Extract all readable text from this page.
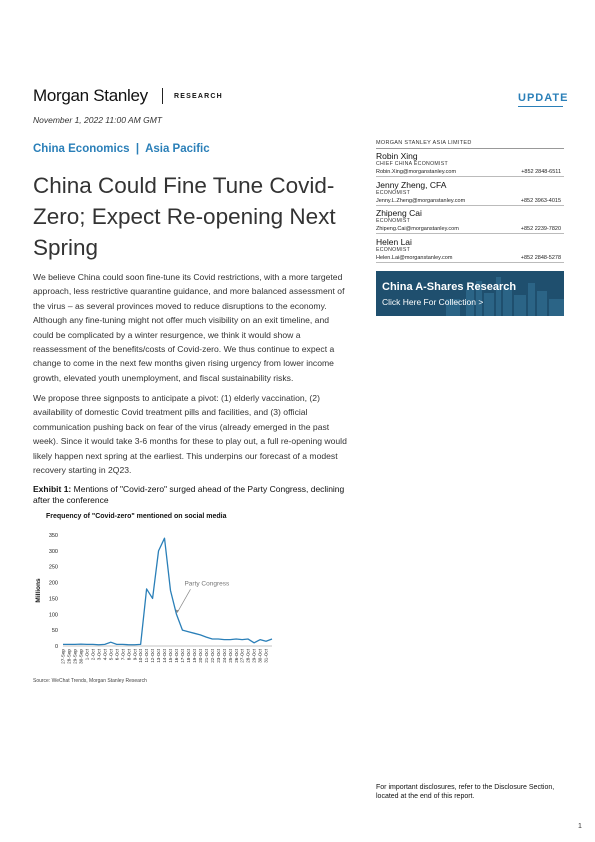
Morgan Stanley	RESEARCH	UPDATE
November 1, 2022 11:00 AM GMT
China Economics  |  Asia Pacific
China Could Fine Tune Covid-Zero; Expect Re-opening Next Spring

We believe China could soon fine-tune its Covid restrictions, with a more targeted approach, less restrictive quarantine guidance, and more balanced assessment of the virus – as several provinces moved to reduce disruptions to the economy. Although any fine-tuning might not offer much visibility on an exit timeline, and could be complicated by a winter resurgence, we think it would show a reassessment of the benefits/costs of Covid-zero. We thus continue to expect a change to come in the next few months given rising urgency from lower income growth, elevated youth unemployment, and fiscal sustainability risks.

We propose three signposts to anticipate a pivot: (1) elderly vaccination, (2) availability of domestic Covid treatment pills and facilities, and (3) official communication pushing back on fear of the virus (already emerged in the past week). Since it would take 3-6 months for these to play out, a full re-opening would likely happen next spring at the earliest. This underpins our forecast of a modest recovery starting in 2Q23.

Exhibit 1: Mentions of "Covid-zero" surged ahead of the Party Congress, declining after the conference
Frequency of "Covid-zero" mentioned on social media
Millions
0
50
100
150
200
250
300
350
27-Sep 28-Sep 29-Sep 30-Sep 1-Oct 2-Oct 3-Oct 4-Oct 5-Oct 6-Oct 7-Oct 8-Oct 9-Oct 10-Oct 11-Oct 12-Oct 13-Oct 14-Oct 15-Oct 16-Oct 17-Oct 18-Oct 19-Oct 20-Oct 21-Oct 22-Oct 23-Oct 24-Oct 25-Oct 26-Oct 27-Oct 28-Oct 29-Oct 30-Oct 31-Oct
Party Congress
Source: WeChat Trends, Morgan Stanley Research
MORGAN STANLEY ASIA LIMITED
Robin Xing
CHIEF CHINA ECONOMIST
Robin.Xing@morganstanley.com	+852 2848-6511
Jenny Zheng, CFA
ECONOMIST
Jenny.L.Zheng@morganstanley.com	+852 3963-4015
Zhipeng Cai
ECONOMIST
Zhipeng.Cai@morganstanley.com	+852 2239-7820
Helen Lai
ECONOMIST
Helen.Lai@morganstanley.com	+852 2848-5278
China A-Shares Research
Click Here For Collection >
For important disclosures, refer to the Disclosure Section, located at the end of this report.
1
